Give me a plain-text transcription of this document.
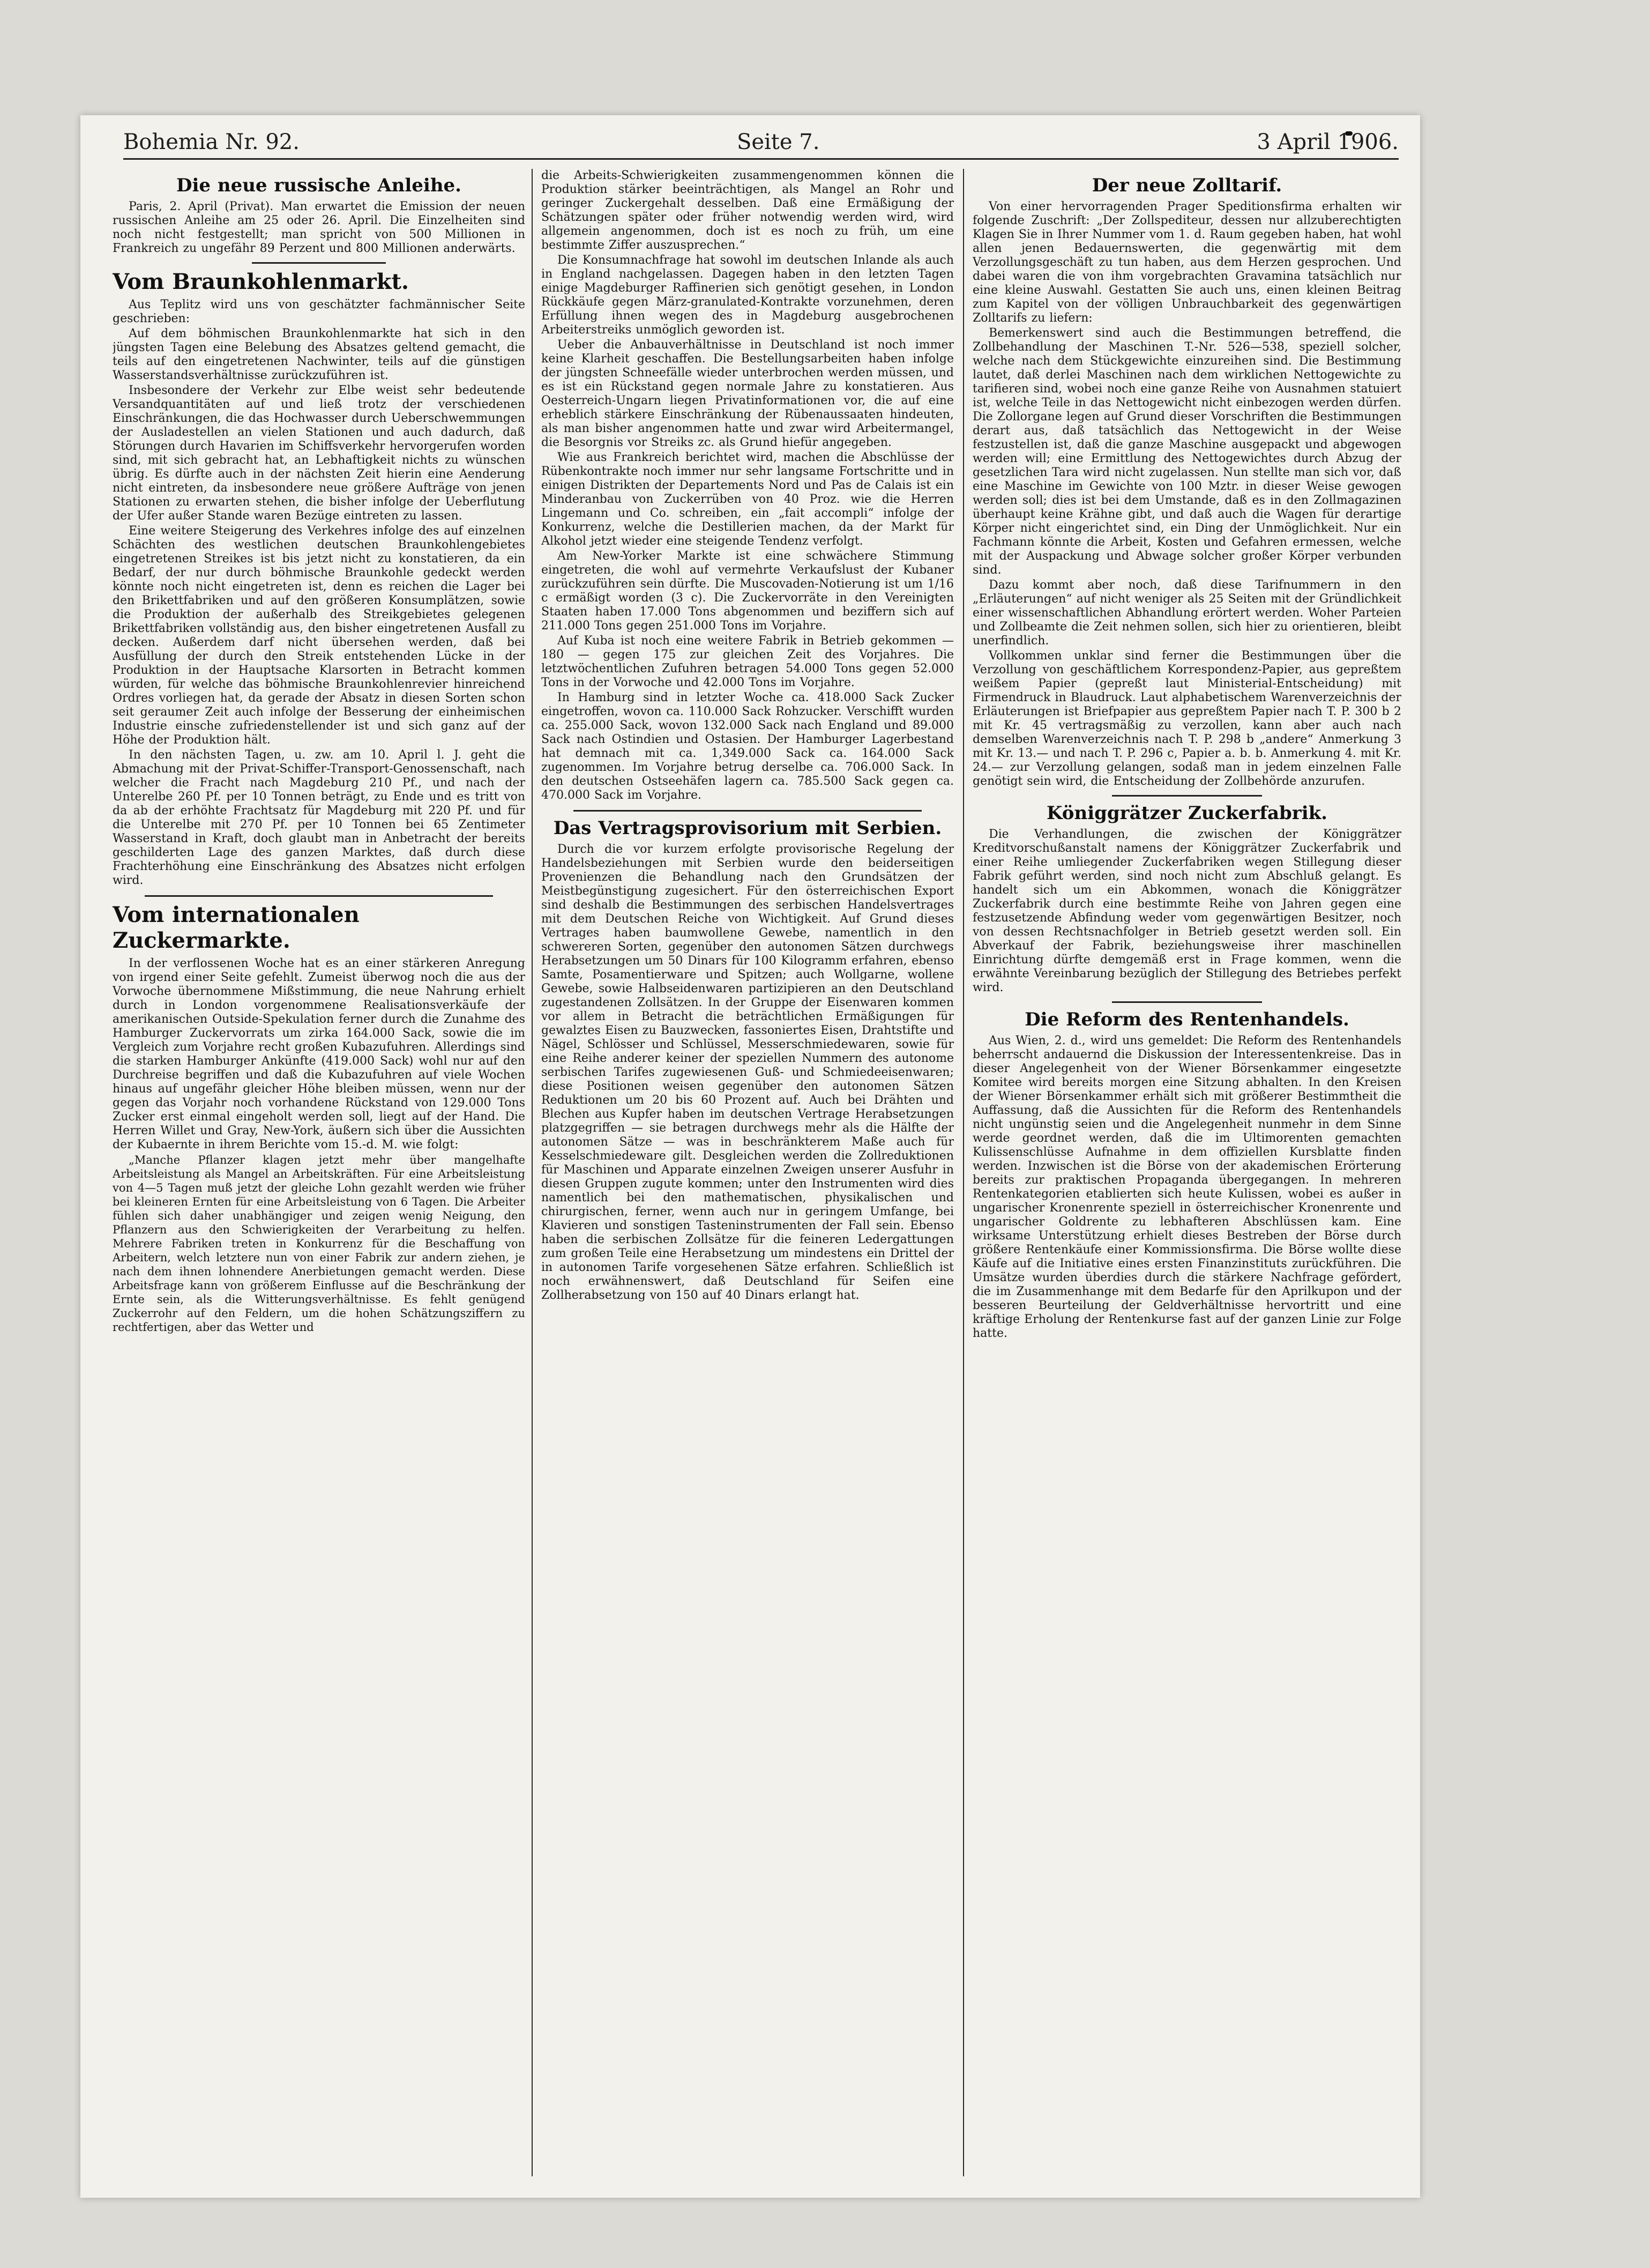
Bohemia Nr. 92.	Seite 7.	3 April 1906.
Die neue russische Anleihe.

Paris, 2. April (Privat). Man erwartet die Emission der neuen russischen Anleihe am 25 oder 26. April. Die Einzelheiten sind noch nicht festgestellt; man spricht von 500 Millionen in Frankreich zu ungefähr 89 Perzent und 800 Millionen anderwärts.

Vom Braunkohlenmarkt.

Aus Teplitz wird uns von geschätzter fachmännischer Seite geschrieben:

Auf dem böhmischen Braunkohlenmarkte hat sich in den jüngsten Tagen eine Belebung des Absatzes geltend gemacht, die teils auf den eingetretenen Nachwinter, teils auf die günstigen Wasserstandsverhältnisse zurückzuführen ist.

Insbesondere der Verkehr zur Elbe weist sehr bedeutende Versandquantitäten auf und ließ trotz der verschiedenen Einschränkungen, die das Hochwasser durch Ueberschwemmungen der Ausladestellen an vielen Stationen und auch dadurch, daß Störungen durch Havarien im Schiffsverkehr hervorgerufen worden sind, mit sich gebracht hat, an Lebhaftigkeit nichts zu wünschen übrig. Es dürfte auch in der nächsten Zeit hierin eine Aenderung nicht eintreten, da insbesondere neue größere Aufträge von jenen Stationen zu erwarten stehen, die bisher infolge der Ueberflutung der Ufer außer Stande waren Bezüge eintreten zu lassen.

Eine weitere Steigerung des Verkehres infolge des auf einzelnen Schächten des westlichen deutschen Braunkohlengebietes eingetretenen Streikes ist bis jetzt nicht zu konstatieren, da ein Bedarf, der nur durch böhmische Braunkohle gedeckt werden könnte noch nicht eingetreten ist, denn es reichen die Lager bei den Brikettfabriken und auf den größeren Konsumplätzen, sowie die Produktion der außerhalb des Streikgebietes gelegenen Brikettfabriken vollständig aus, den bisher eingetretenen Ausfall zu decken. Außerdem darf nicht übersehen werden, daß bei Ausfüllung der durch den Streik entstehenden Lücke in der Produktion in der Hauptsache Klarsorten in Betracht kommen würden, für welche das böhmische Braunkohlenrevier hinreichend Ordres vorliegen hat, da gerade der Absatz in diesen Sorten schon seit geraumer Zeit auch infolge der Besserung der einheimischen Industrie einsche zufriedenstellender ist und sich ganz auf der Höhe der Produktion hält.

In den nächsten Tagen, u. zw. am 10. April l. J. geht die Abmachung mit der Privat-Schiffer-Transport-Genossenschaft, nach welcher die Fracht nach Magdeburg 210 Pf., und nach der Unterelbe 260 Pf. per 10 Tonnen beträgt, zu Ende und es tritt von da ab der erhöhte Frachtsatz für Magdeburg mit 220 Pf. und für die Unterelbe mit 270 Pf. per 10 Tonnen bei 65 Zentimeter Wasserstand in Kraft, doch glaubt man in Anbetracht der bereits geschilderten Lage des ganzen Marktes, daß durch diese Frachterhöhung eine Einschränkung des Absatzes nicht erfolgen wird.

Vom internationalen Zuckermarkte.

In der verflossenen Woche hat es an einer stärkeren Anregung von irgend einer Seite gefehlt. Zumeist überwog noch die aus der Vorwoche übernommene Mißstimmung, die neue Nahrung erhielt durch in London vorgenommene Realisationsverkäufe der amerikanischen Outside-Spekulation ferner durch die Zunahme des Hamburger Zuckervorrats um zirka 164.000 Sack, sowie die im Vergleich zum Vorjahre recht großen Kubazufuhren. Allerdings sind die starken Hamburger Ankünfte (419.000 Sack) wohl nur auf den Durchreise begriffen und daß die Kubazufuhren auf viele Wochen hinaus auf ungefähr gleicher Höhe bleiben müssen, wenn nur der gegen das Vorjahr noch vorhandene Rückstand von 129.000 Tons Zucker erst einmal eingeholt werden soll, liegt auf der Hand. Die Herren Willet und Gray, New-York, äußern sich über die Aussichten der Kubaernte in ihrem Berichte vom 15.-d. M. wie folgt:

„Manche Pflanzer klagen jetzt mehr über mangelhafte Arbeitsleistung als Mangel an Arbeitskräften. Für eine Arbeitsleistung von 4—5 Tagen muß jetzt der gleiche Lohn gezahlt werden wie früher bei kleineren Ernten für eine Arbeitsleistung von 6 Tagen. Die Arbeiter fühlen sich daher unabhängiger und zeigen wenig Neigung, den Pflanzern aus den Schwierigkeiten der Verarbeitung zu helfen. Mehrere Fabriken treten in Konkurrenz für die Beschaffung von Arbeitern, welch letztere nun von einer Fabrik zur andern ziehen, je nach dem ihnen lohnendere Anerbietungen gemacht werden. Diese Arbeitsfrage kann von größerem Einflusse auf die Beschränkung der Ernte sein, als die Witterungsverhältnisse. Es fehlt genügend Zuckerrohr auf den Feldern, um die hohen Schätzungsziffern zu rechtfertigen, aber das Wetter und

die Arbeits-Schwierigkeiten zusammengenommen können die Produktion stärker beeinträchtigen, als Mangel an Rohr und geringer Zuckergehalt desselben. Daß eine Ermäßigung der Schätzungen später oder früher notwendig werden wird, wird allgemein angenommen, doch ist es noch zu früh, um eine bestimmte Ziffer auszusprechen.“

Die Konsumnachfrage hat sowohl im deutschen Inlande als auch in England nachgelassen. Dagegen haben in den letzten Tagen einige Magdeburger Raffinerien sich genötigt gesehen, in London Rückkäufe gegen März-granulated-Kontrakte vorzunehmen, deren Erfüllung ihnen wegen des in Magdeburg ausgebrochenen Arbeiterstreiks unmöglich geworden ist.

Ueber die Anbauverhältnisse in Deutschland ist noch immer keine Klarheit geschaffen. Die Bestellungsarbeiten haben infolge der jüngsten Schneefälle wieder unterbrochen werden müssen, und es ist ein Rückstand gegen normale Jahre zu konstatieren. Aus Oesterreich-Ungarn liegen Privatinformationen vor, die auf eine erheblich stärkere Einschränkung der Rübenaussaaten hindeuten, als man bisher angenommen hatte und zwar wird Arbeitermangel, die Besorgnis vor Streiks zc. als Grund hiefür angegeben.

Wie aus Frankreich berichtet wird, machen die Abschlüsse der Rübenkontrakte noch immer nur sehr langsame Fortschritte und in einigen Distrikten der Departements Nord und Pas de Calais ist ein Minderanbau von Zuckerrüben von 40 Proz. wie die Herren Lingemann und Co. schreiben, ein „fait accompli“ infolge der Konkurrenz, welche die Destillerien machen, da der Markt für Alkohol jetzt wieder eine steigende Tendenz verfolgt.

Am New-Yorker Markte ist eine schwächere Stimmung eingetreten, die wohl auf vermehrte Verkaufslust der Kubaner zurückzuführen sein dürfte. Die Muscovaden-Notierung ist um 1/16 c ermäßigt worden (3 c). Die Zuckervorräte in den Vereinigten Staaten haben 17.000 Tons abgenommen und beziffern sich auf 211.000 Tons gegen 251.000 Tons im Vorjahre.

Auf Kuba ist noch eine weitere Fabrik in Betrieb gekommen — 180 — gegen 175 zur gleichen Zeit des Vorjahres. Die letztwöchentlichen Zufuhren betragen 54.000 Tons gegen 52.000 Tons in der Vorwoche und 42.000 Tons im Vorjahre.

In Hamburg sind in letzter Woche ca. 418.000 Sack Zucker eingetroffen, wovon ca. 110.000 Sack Rohzucker. Verschifft wurden ca. 255.000 Sack, wovon 132.000 Sack nach England und 89.000 Sack nach Ostindien und Ostasien. Der Hamburger Lagerbestand hat demnach mit ca. 1,349.000 Sack ca. 164.000 Sack zugenommen. Im Vorjahre betrug derselbe ca. 706.000 Sack. In den deutschen Ostseehäfen lagern ca. 785.500 Sack gegen ca. 470.000 Sack im Vorjahre.

Das Vertragsprovisorium mit Serbien.

Durch die vor kurzem erfolgte provisorische Regelung der Handelsbeziehungen mit Serbien wurde den beiderseitigen Provenienzen die Behandlung nach den Grundsätzen der Meistbegünstigung zugesichert. Für den österreichischen Export sind deshalb die Bestimmungen des serbischen Handelsvertrages mit dem Deutschen Reiche von Wichtigkeit. Auf Grund dieses Vertrages haben baumwollene Gewebe, namentlich in den schwereren Sorten, gegenüber den autonomen Sätzen durchwegs Herabsetzungen um 50 Dinars für 100 Kilogramm erfahren, ebenso Samte, Posamentierware und Spitzen; auch Wollgarne, wollene Gewebe, sowie Halbseidenwaren partizipieren an den Deutschland zugestandenen Zollsätzen. In der Gruppe der Eisenwaren kommen vor allem in Betracht die beträchtlichen Ermäßigungen für gewalztes Eisen zu Bauzwecken, fassoniertes Eisen, Drahtstifte und Nägel, Schlösser und Schlüssel, Messerschmiedewaren, sowie für eine Reihe anderer keiner der speziellen Nummern des autonome serbischen Tarifes zugewiesenen Guß- und Schmiedeeisenwaren; diese Positionen weisen gegenüber den autonomen Sätzen Reduktionen um 20 bis 60 Prozent auf. Auch bei Drähten und Blechen aus Kupfer haben im deutschen Vertrage Herabsetzungen platzgegriffen — sie betragen durchwegs mehr als die Hälfte der autonomen Sätze — was in beschränkterem Maße auch für Kesselschmiedeware gilt. Desgleichen werden die Zollreduktionen für Maschinen und Apparate einzelnen Zweigen unserer Ausfuhr in diesen Gruppen zugute kommen; unter den Instrumenten wird dies namentlich bei den mathematischen, physikalischen und chirurgischen, ferner, wenn auch nur in geringem Umfange, bei Klavieren und sonstigen Tasteninstrumenten der Fall sein. Ebenso haben die serbischen Zollsätze für die feineren Ledergattungen zum großen Teile eine Herabsetzung um mindestens ein Drittel der in autonomen Tarife vorgesehenen Sätze erfahren. Schließlich ist noch erwähnenswert, daß Deutschland für Seifen eine Zollherabsetzung von 150 auf 40 Dinars erlangt hat.

Der neue Zolltarif.

Von einer hervorragenden Prager Speditionsfirma erhalten wir folgende Zuschrift: „Der Zollspediteur, dessen nur allzuberechtigten Klagen Sie in Ihrer Nummer vom 1. d. Raum gegeben haben, hat wohl allen jenen Bedauernswerten, die gegenwärtig mit dem Verzollungsgeschäft zu tun haben, aus dem Herzen gesprochen. Und dabei waren die von ihm vorgebrachten Gravamina tatsächlich nur eine kleine Auswahl. Gestatten Sie auch uns, einen kleinen Beitrag zum Kapitel von der völligen Unbrauchbarkeit des gegenwärtigen Zolltarifs zu liefern:

Bemerkenswert sind auch die Bestimmungen betreffend, die Zollbehandlung der Maschinen T.-Nr. 526—538, speziell solcher, welche nach dem Stückgewichte einzureihen sind. Die Bestimmung lautet, daß derlei Maschinen nach dem wirklichen Nettogewichte zu tarifieren sind, wobei noch eine ganze Reihe von Ausnahmen statuiert ist, welche Teile in das Nettogewicht nicht einbezogen werden dürfen. Die Zollorgane legen auf Grund dieser Vorschriften die Bestimmungen derart aus, daß tatsächlich das Nettogewicht in der Weise festzustellen ist, daß die ganze Maschine ausgepackt und abgewogen werden will; eine Ermittlung des Nettogewichtes durch Abzug der gesetzlichen Tara wird nicht zugelassen. Nun stellte man sich vor, daß eine Maschine im Gewichte von 100 Mztr. in dieser Weise gewogen werden soll; dies ist bei dem Umstande, daß es in den Zollmagazinen überhaupt keine Krähne gibt, und daß auch die Wagen für derartige Körper nicht eingerichtet sind, ein Ding der Unmöglichkeit. Nur ein Fachmann könnte die Arbeit, Kosten und Gefahren ermessen, welche mit der Auspackung und Abwage solcher großer Körper verbunden sind.

Dazu kommt aber noch, daß diese Tarifnummern in den „Erläuterungen“ auf nicht weniger als 25 Seiten mit der Gründlichkeit einer wissenschaftlichen Abhandlung erörtert werden. Woher Parteien und Zollbeamte die Zeit nehmen sollen, sich hier zu orientieren, bleibt unerfindlich.

Vollkommen unklar sind ferner die Bestimmungen über die Verzollung von geschäftlichem Korrespondenz-Papier, aus gepreßtem weißem Papier (gepreßt laut Ministerial-Entscheidung) mit Firmendruck in Blaudruck. Laut alphabetischem Warenverzeichnis der Erläuterungen ist Briefpapier aus gepreßtem Papier nach T. P. 300 b 2 mit Kr. 45 vertragsmäßig zu verzollen, kann aber auch nach demselben Warenverzeichnis nach T. P. 298 b „andere“ Anmerkung 3 mit Kr. 13.— und nach T. P. 296 c, Papier a. b. b. Anmerkung 4. mit Kr. 24.— zur Verzollung gelangen, sodaß man in jedem einzelnen Falle genötigt sein wird, die Entscheidung der Zollbehörde anzurufen.

Königgrätzer Zuckerfabrik.

Die Verhandlungen, die zwischen der Königgrätzer Kreditvorschußanstalt namens der Königgrätzer Zuckerfabrik und einer Reihe umliegender Zuckerfabriken wegen Stillegung dieser Fabrik geführt werden, sind noch nicht zum Abschluß gelangt. Es handelt sich um ein Abkommen, wonach die Königgrätzer Zuckerfabrik durch eine bestimmte Reihe von Jahren gegen eine festzusetzende Abfindung weder vom gegenwärtigen Besitzer, noch von dessen Rechtsnachfolger in Betrieb gesetzt werden soll. Ein Abverkauf der Fabrik, beziehungsweise ihrer maschinellen Einrichtung dürfte demgemäß erst in Frage kommen, wenn die erwähnte Vereinbarung bezüglich der Stillegung des Betriebes perfekt wird.

Die Reform des Rentenhandels.

Aus Wien, 2. d., wird uns gemeldet: Die Reform des Rentenhandels beherrscht andauernd die Diskussion der Interessentenkreise. Das in dieser Angelegenheit von der Wiener Börsenkammer eingesetzte Komitee wird bereits morgen eine Sitzung abhalten. In den Kreisen der Wiener Börsenkammer erhält sich mit größerer Bestimmtheit die Auffassung, daß die Aussichten für die Reform des Rentenhandels nicht ungünstig seien und die Angelegenheit nunmehr in dem Sinne werde geordnet werden, daß die im Ultimorenten gemachten Kulissenschlüsse Aufnahme in dem offiziellen Kursblatte finden werden. Inzwischen ist die Börse von der akademischen Erörterung bereits zur praktischen Propaganda übergegangen. In mehreren Rentenkategorien etablierten sich heute Kulissen, wobei es außer in ungarischer Kronenrente speziell in österreichischer Kronenrente und ungarischer Goldrente zu lebhafteren Abschlüssen kam. Eine wirksame Unterstützung erhielt dieses Bestreben der Börse durch größere Rentenkäufe einer Kommissionsfirma. Die Börse wollte diese Käufe auf die Initiative eines ersten Finanzinstituts zurückführen. Die Umsätze wurden überdies durch die stärkere Nachfrage gefördert, die im Zusammenhange mit dem Bedarfe für den Aprilkupon und der besseren Beurteilung der Geldverhältnisse hervortritt und eine kräftige Erholung der Rentenkurse fast auf der ganzen Linie zur Folge hatte.
